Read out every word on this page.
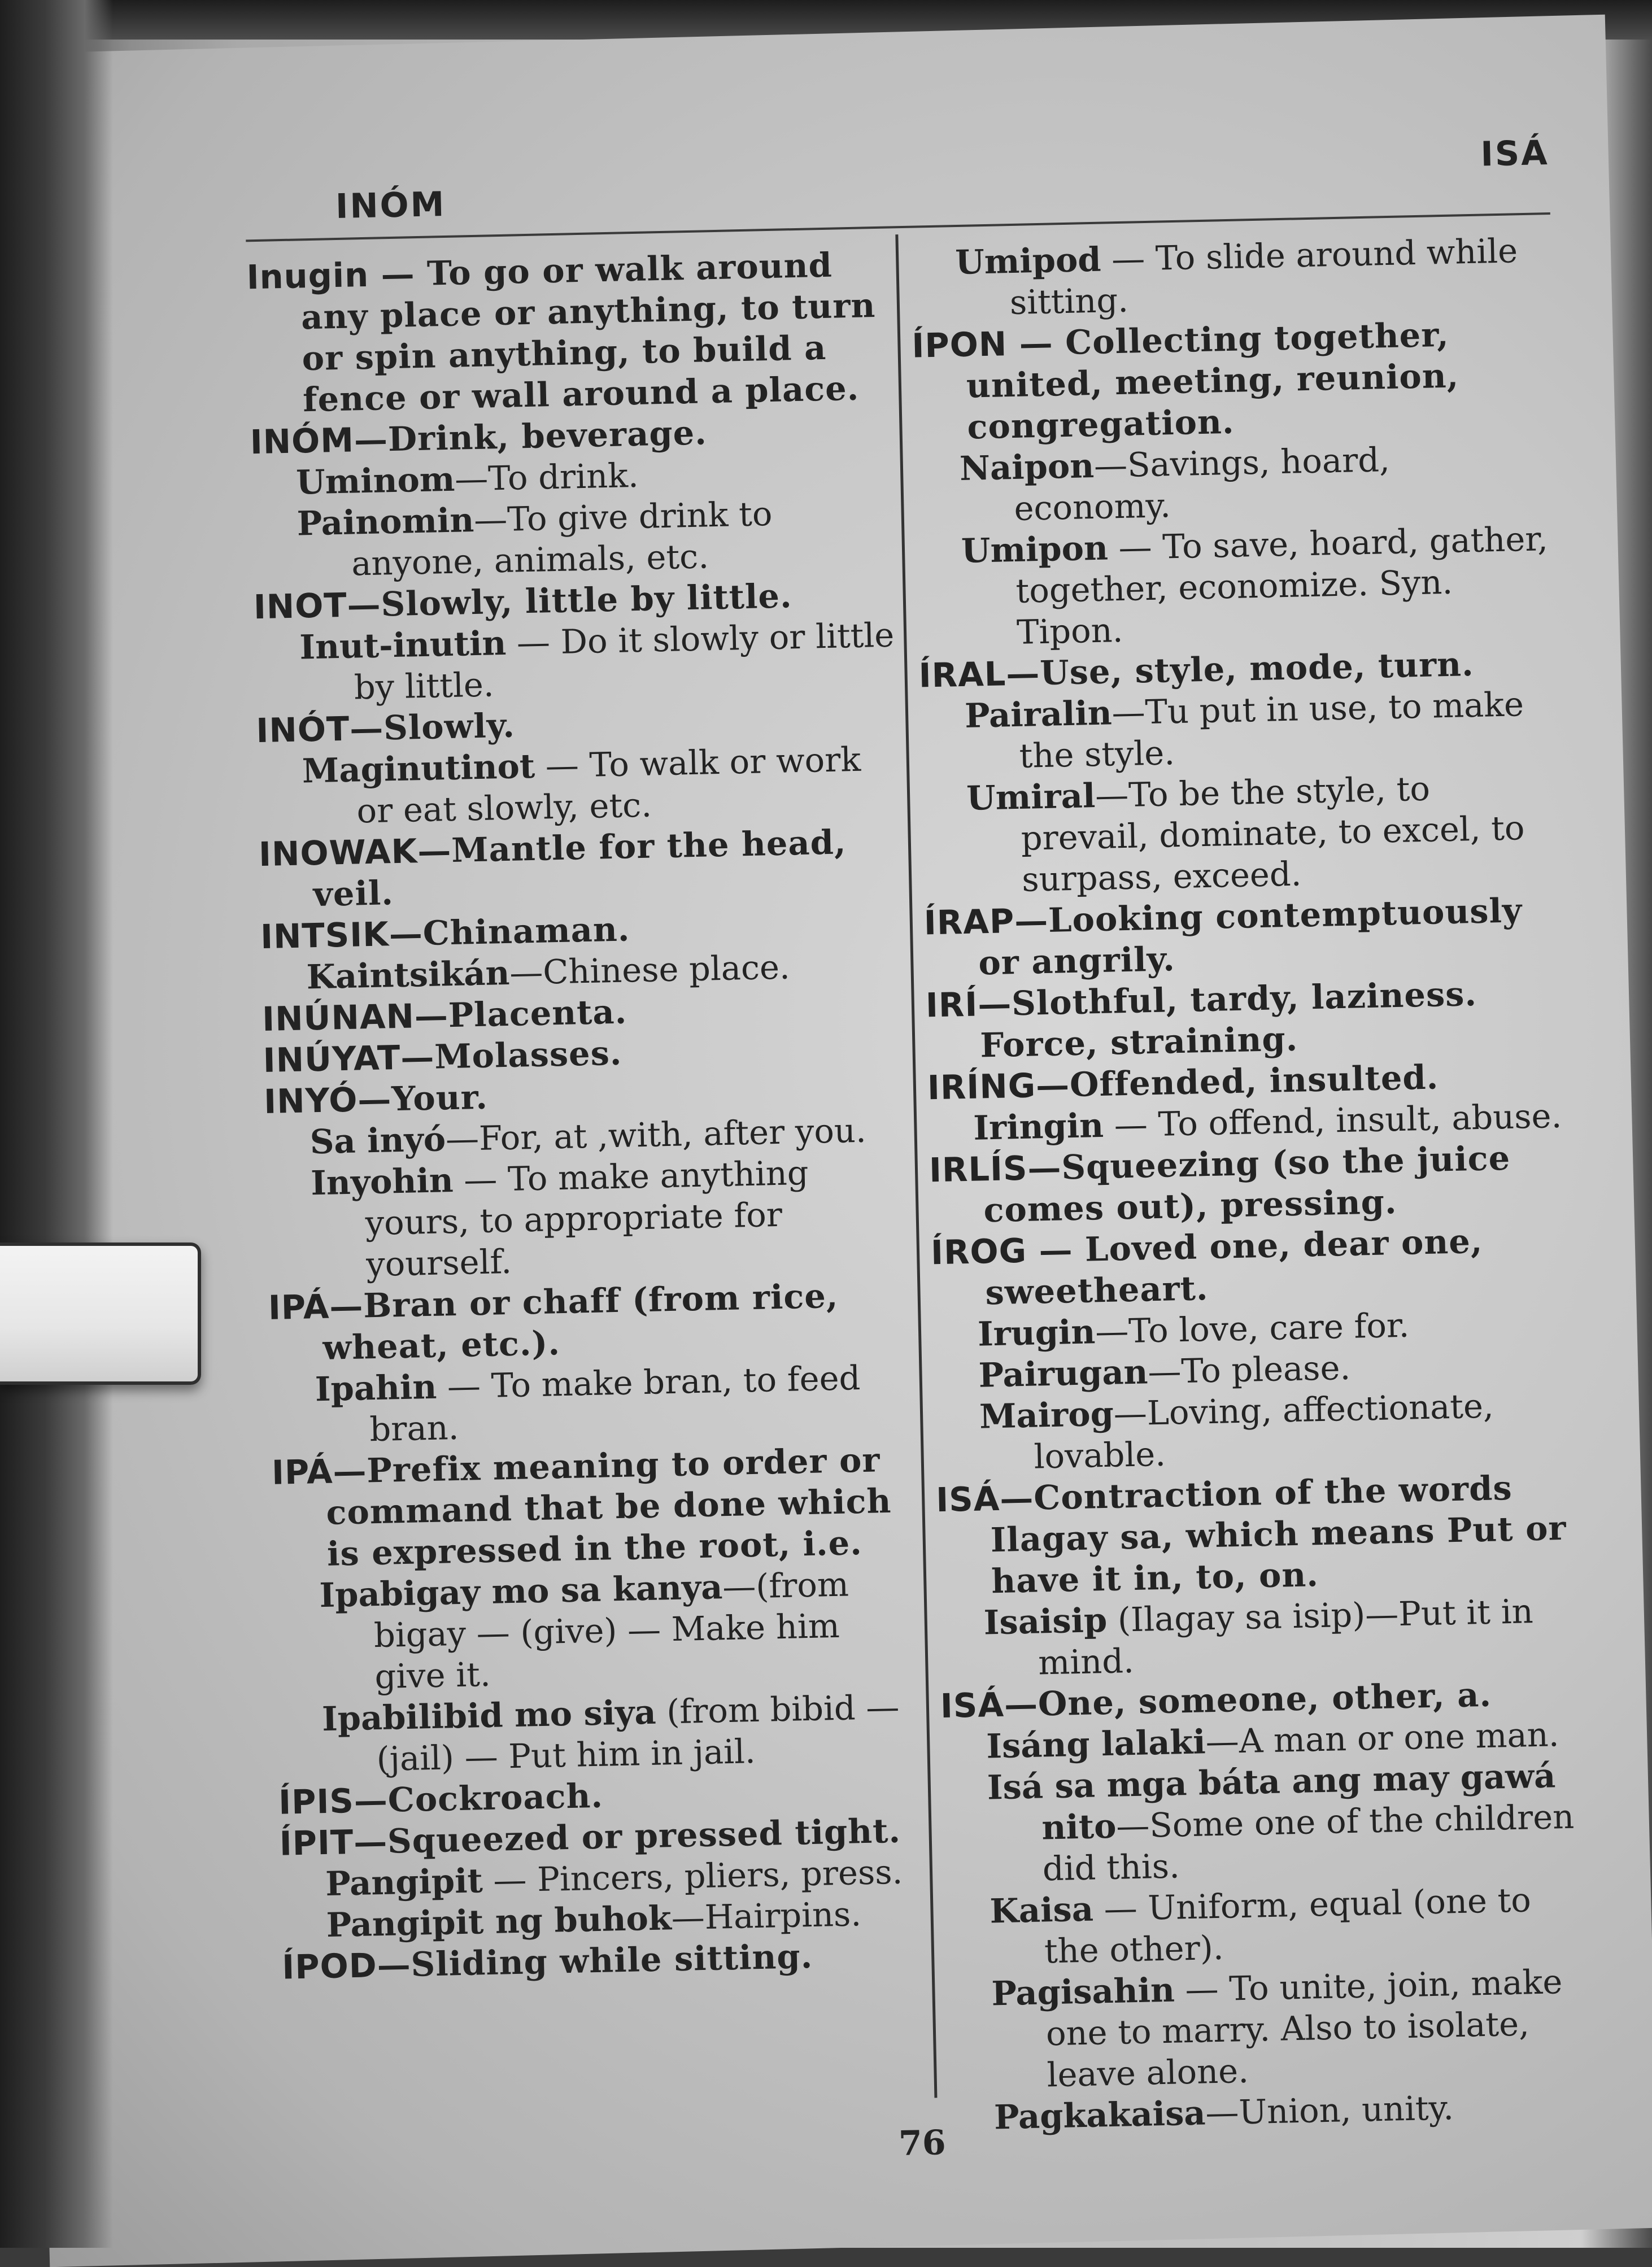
INÓM
ISÁ

Inugin — To go or walk around any place or anything, to turn or spin anything, to build a fence or wall around a place.

INÓM—Drink, beverage.

Uminom—To drink.

Painomin—To give drink to anyone, animals, etc.

INOT—Slowly, little by little.

Inut-inutin — Do it slowly or little by little.

INÓT—Slowly.

Maginutinot — To walk or work or eat slowly, etc.

INOWAK—Mantle for the head, veil.

INTSIK—Chinaman.

Kaintsikán—Chinese place.

INÚNAN—Placenta.

INÚYAT—Molasses.

INYÓ—Your.

Sa inyó—For, at ,with, after you.

Inyohin — To make anything yours, to appropriate for yourself.

IPÁ—Bran or chaff (from rice, wheat, etc.).

Ipahin — To make bran, to feed bran.

IPÁ—Prefix meaning to order or command that be done which is expressed in the root, i.e.

Ipabigay mo sa kanya—(from bigay — (give) — Make him give it.

Ipabilibid mo siya (from bibid — (jail) — Put him in jail.

ÍPIS—Cockroach.

ÍPIT—Squeezed or pressed tight.

Pangipit — Pincers, pliers, press.

Pangipit ng buhok—Hairpins.

ÍPOD—Sliding while sitting.

Umipod — To slide around while sitting.

ÍPON — Collecting together, united, meeting, reunion, congregation.

Naipon—Savings, hoard, economy.

Umipon — To save, hoard, gather, together, economize. Syn. Tipon.

ÍRAL—Use, style, mode, turn.

Pairalin—Tu put in use, to make the style.

Umiral—To be the style, to prevail, dominate, to excel, to surpass, exceed.

ÍRAP—Looking contemptuously or angrily.

IRÍ—Slothful, tardy, laziness. Force, straining.

IRÍNG—Offended, insulted.

Iringin — To offend, insult, abuse.

IRLÍS—Squeezing (so the juice comes out), pressing.

ÍROG — Loved one, dear one, sweetheart.

Irugin—To love, care for.

Pairugan—To please.

Mairog—Loving, affectionate, lovable.

ISÁ—Contraction of the words Ilagay sa, which means Put or have it in, to, on.

Isaisip (Ilagay sa isip)—Put it in mind.

ISÁ—One, someone, other, a.

Isáng lalaki—A man or one man.

Isá sa mga báta ang may gawá nito—Some one of the children did this.

Kaisa — Uniform, equal (one to the other).

Pagisahin — To unite, join, make one to marry. Also to isolate, leave alone.

Pagkakaisa—Union, unity.

76
